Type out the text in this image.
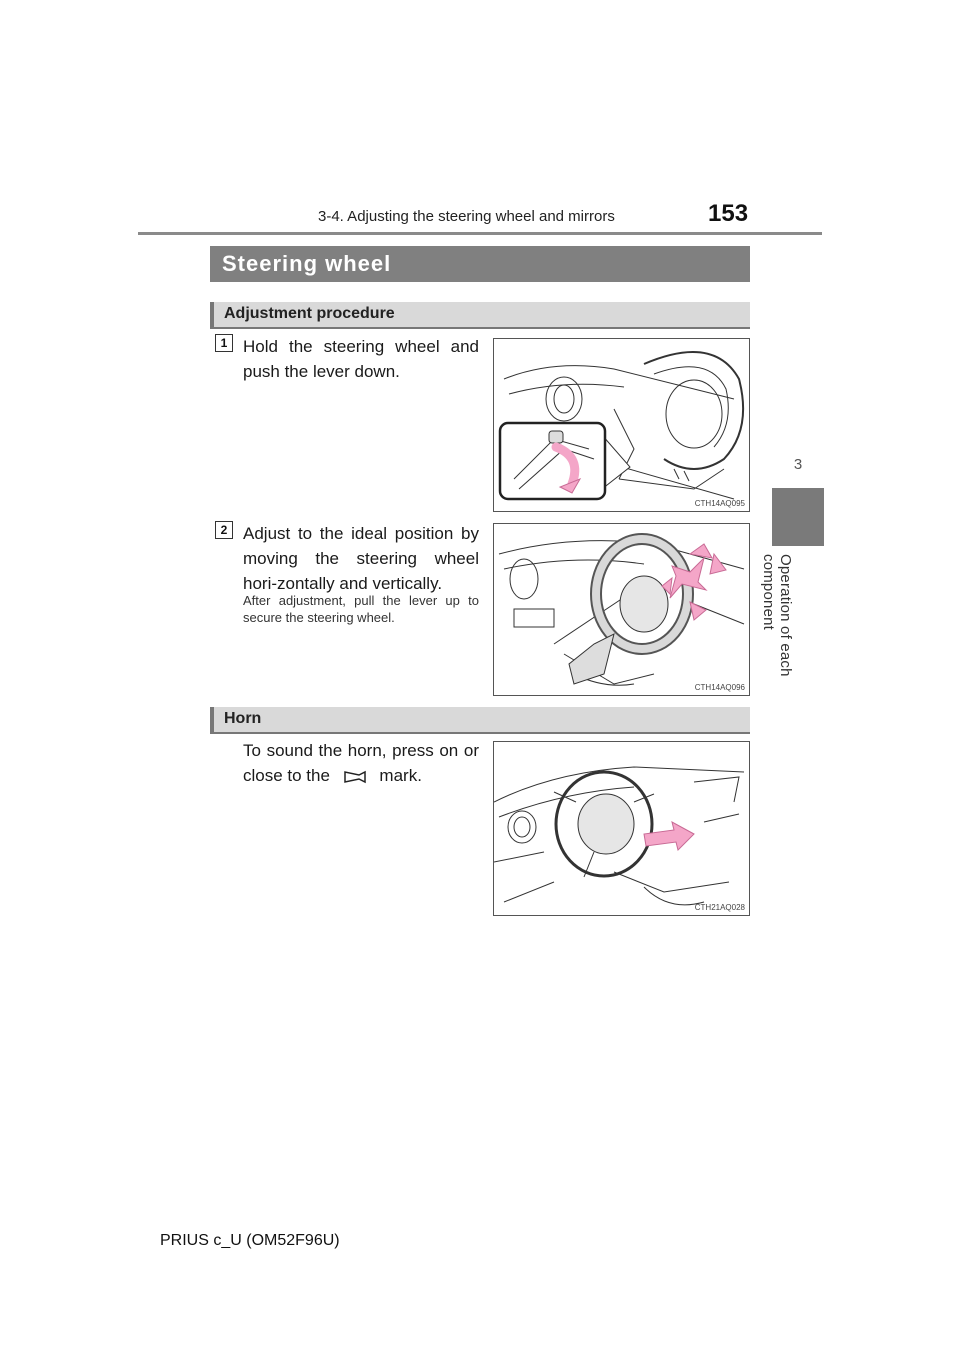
3-4. Adjusting the steering wheel and mirrors	153
3
Operation of each component
Steering wheel
Adjustment procedure
1 Hold the steering wheel and push the lever down.
CTH14AQ095
2 Adjust to the ideal position by moving the steering wheel hori-zontally and vertically.
After adjustment, pull the lever up to secure the steering wheel.
CTH14AQ096
Horn
To sound the horn, press on or close to the	mark.
CTH21AQ028
PRIUS c_U (OM52F96U)
